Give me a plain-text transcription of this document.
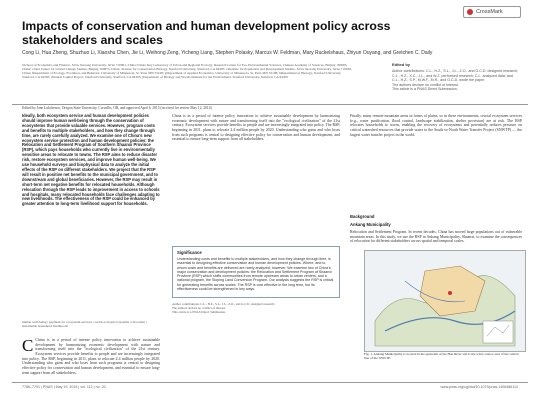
CrossMark
Impacts of conservation and human development policy across stakeholders and scales
Cong Li, Hua Zheng, Shuzhuo Li, Xiaoshu Chen, Jie Li, Weihong Zeng, Yicheng Liang, Stephen Polasky, Marcus W. Feldman, Mary Ruckelshaus, Zhiyun Ouyang, and Gretchen C. Daily
aSchool of Economics and Finance, Xi'an Jiaotong University, Xi'an 710061, China; bState Key Laboratory of Urban and Regional Ecology, Research Center for Eco-Environmental Sciences, Chinese Academy of Sciences, Beijing 100085, China; cJoint Center for Global Change Studies, Beijing 100875, China; dCenter for Conservation Biology, Stanford University, Stanford, CA 94305; eInstitute for Population and Development Studies, Xi'an Jiaotong University, Xi'an 710049, China; fDepartment of Ecology, Evolution, and Behavior, University of Minnesota, St. Paul, MN 55108; gDepartment of Applied Economics, University of Minnesota, St. Paul, MN 55108; hDepartment of Biology, Stanford University, Stanford, CA 94305; iNatural Capital Project, Stanford University, Stanford, CA 94305; jDepartment of Biology and Woods Institute for the Environment, Stanford University, Stanford, CA 94305
Edited by
Author contributions: C.L., H.Z., S.L., J.L., Z.O., and G.C.D. designed research;
C.L., H.Z., X.C., J.L., and W.Z. performed research; C.L. analyzed data; and
C.L., H.Z., S.P., M.W.F., M.R., and G.C.D. wrote the paper.
The authors declare no conflict of interest.
This article is a PNAS Direct Submission.
Edited by Jane Lubchenco, Oregon State University, Corvallis, OR, and approved April 6, 2015 (received for review May 12, 2014)
Ideally, both ecosystem service and human development policies should improve human well-being through the conservation of ecosystems that provide valuable services. However, program costs and benefits to multiple stakeholders, and how they change through time, are rarely carefully analyzed. We examine one of China's new ecosystem service protection and human development policies: the Relocation and Settlement Program of Southern Shaanxi Province (RSP), which pays households who currently live in environmentally sensitive areas to relocate to towns. The RSP aims to reduce disaster risk, restore ecosystem services, and improve human well-being. We use household surveys and biophysical data to analyze the initial effects of the RSP on different stakeholders. We project that the RSP will result in positive net benefits to the municipal government, and to downstream and global beneficiaries. However, the RSP may result in short-term net negative benefits for relocated households. Although relocation through the RSP leads to improvement in access to schools and hospitals, many relocated households face challenges adapting to new livelihoods. The effectiveness of the RSP could be enhanced by greater attention to long-term livelihood support for households.
human well-being | payment for ecosystem services | social-ecological systems | relocation | sustainable household livelihoods
C China is in a period of intense policy innovation to achieve sustainable development by harmonizing economic development with nature and transforming itself into the "ecological civilization" of the 21st century. Ecosystem services provide benefits to people and are increasingly integrated into policy. The RSP, beginning in 2011, plans to relocate 2.4 million people by 2020. Understanding who gains and who loses from such programs is central to designing effective policy for conservation and human development, and essential to ensure long-term support from all stakeholders.
China is in a period of intense policy innovation to achieve sustainable development by harmonizing economic development with nature and transforming itself into the "ecological civilization" of the 21st century. Ecosystem services provide benefits to people and are increasingly integrated into policy. The RSP, beginning in 2011, plans to relocate 2.4 million people by 2020. Understanding who gains and who loses from such programs is central to designing effective policy for conservation and human development, and essential to ensure long-term support from all stakeholders.
Significance
Understanding costs and benefits to multiple stakeholders, and how they change through time, is essential to designing effective conservation and human development policies. Where, and to whom costs and benefits are delivered are rarely analyzed, however. We examine two of China's major conservation and development policies: the Relocation and Settlement Program of Shaanxi Province (RSP) which shifts communities from remote upstream areas to urban centers, and a national program, the Sloping Land Conversion Program. Our analysis suggests the RSP is critical for generating benefits across scales. The RSP is cost effective in the long term, but its effectiveness could be strengthened in key ways.
Author contributions: C.L., H.Z., S.L., J.L., Z.O., and G.C.D. designed research;
The authors declare no conflict of interest.
This article is a PNAS Direct Submission.
Finally, many remote mountain areas in forms of plains, so in these environments, crucial ecosystem services (e.g., water purification, flood control, landscape stabilization, shelter provision) are at risk. The RSP relocates households to towns, enabling the recovery of ecosystems and potentially reduces pressure on critical watershed resources that provide water to the South-to-North Water Transfer Project (SNWTP) — the largest water transfer project in the world.
Background
Ankang Municipality
Relocation and Settlement Program. In recent decades, China has moved large populations out of vulnerable mountain areas. In this study, we use the RSP in Ankang Municipality, Shaanxi, to examine the consequences of relocation for different stakeholders across spatial and temporal scales.
Fig. 1. Ankang Municipality is located in the upstream of the Han River and is the water source area of the central line of the SNWTP.
7786–7791 | PNAS | May 19, 2015 | vol. 112 | no. 20	www.pnas.org/cgi/doi/10.1073/pnas.1406486112
